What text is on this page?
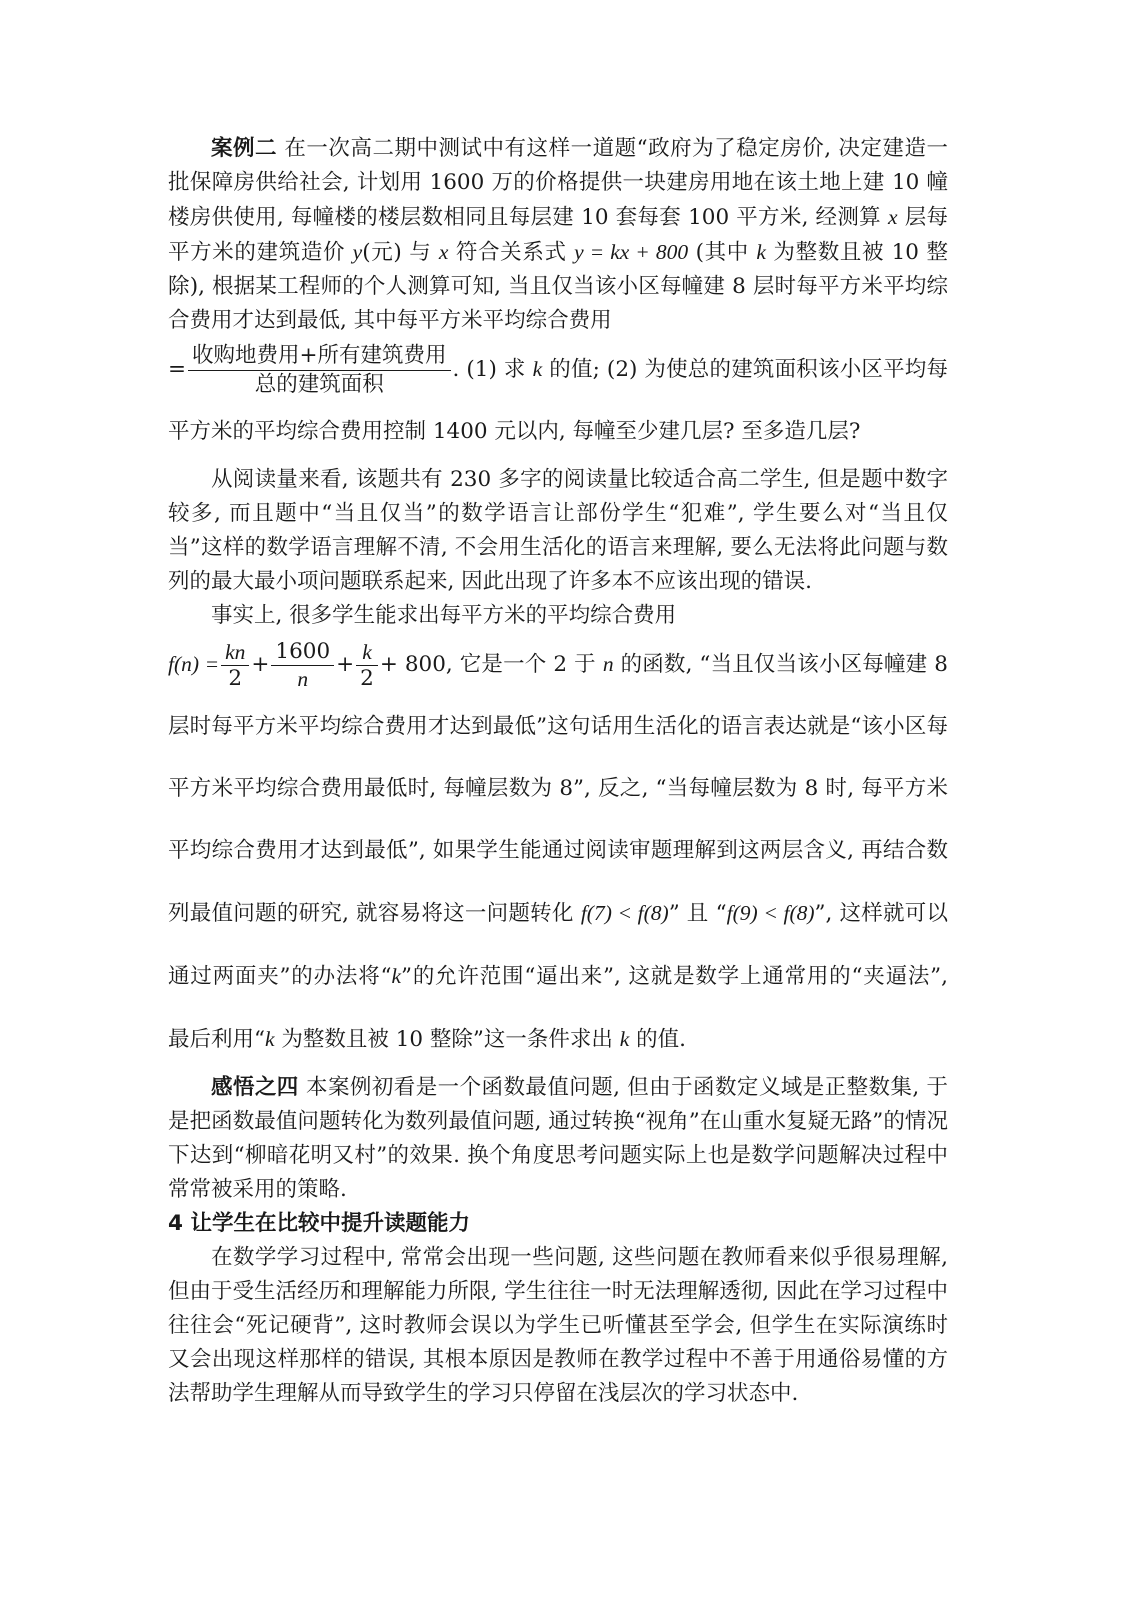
案例二 在一次高二期中测试中有这样一道题“政府为了稳定房价, 决定建造一批保障房供给社会, 计划用 1600 万的价格提供一块建房用地在该土地上建 10 幢楼房供使用, 每幢楼的楼层数相同且每层建 10 套每套 100 平方米, 经测算 x 层每平方米的建筑造价 y(元) 与 x 符合关系式 y = kx + 800 (其中 k 为整数且被 10 整除), 根据某工程师的个人测算可知, 当且仅当该小区每幢建 8 层时每平方米平均综合费用才达到最低, 其中每平方米平均综合费用

= $\frac{\text{收购地费用+所有建筑费用}}{\text{总的建筑面积}}$ . (1) 求 k 的值; (2) 为使总的建筑面积该小区平均每平方米的平均综合费用控制 1400 元以内, 每幢至少建几层? 至多造几层?

从阅读量来看, 该题共有 230 多字的阅读量比较适合高二学生, 但是题中数字较多, 而且题中“当且仅当”的数学语言让部份学生“犯难”, 学生要么对“当且仅当”这样的数学语言理解不清, 不会用生活化的语言来理解, 要么无法将此问题与数列的最大最小项问题联系起来, 因此出现了许多本不应该出现的错误.

事实上, 很多学生能求出每平方米的平均综合费用

$f(n) = \frac{kn}{2} + \frac{1600}{n} + \frac{k}{2} + 800$, 它是一个 2 于 n 的函数, “当且仅当该小区每幢建 8 层时每平方米平均综合费用才达到最低”这句话用生活化的语言表达就是“该小区每平方米平均综合费用最低时, 每幢层数为 8”, 反之, “当每幢层数为 8 时, 每平方米平均综合费用才达到最低”, 如果学生能通过阅读审题理解到这两层含义, 再结合数列最值问题的研究, 就容易将这一问题转化 f(7) < f(8)” 且 “f(9) < f(8)”, 这样就可以通过两面夹”的办法将“k”的允许范围“逼出来”, 这就是数学上通常用的“夹逼法”, 最后利用“k 为整数且被 10 整除”这一条件求出 k 的值.

感悟之四 本案例初看是一个函数最值问题, 但由于函数定义域是正整数集, 于是把函数最值问题转化为数列最值问题, 通过转换“视角”在山重水复疑无路”的情况下达到“柳暗花明又村”的效果. 换个角度思考问题实际上也是数学问题解决过程中常常被采用的策略.

4 让学生在比较中提升读题能力

在数学学习过程中, 常常会出现一些问题, 这些问题在教师看来似乎很易理解, 但由于受生活经历和理解能力所限, 学生往往一时无法理解透彻, 因此在学习过程中往往会“死记硬背”, 这时教师会误以为学生已听懂甚至学会, 但学生在实际演练时又会出现这样那样的错误, 其根本原因是教师在教学过程中不善于用通俗易懂的方法帮助学生理解从而导致学生的学习只停留在浅层次的学习状态中.
